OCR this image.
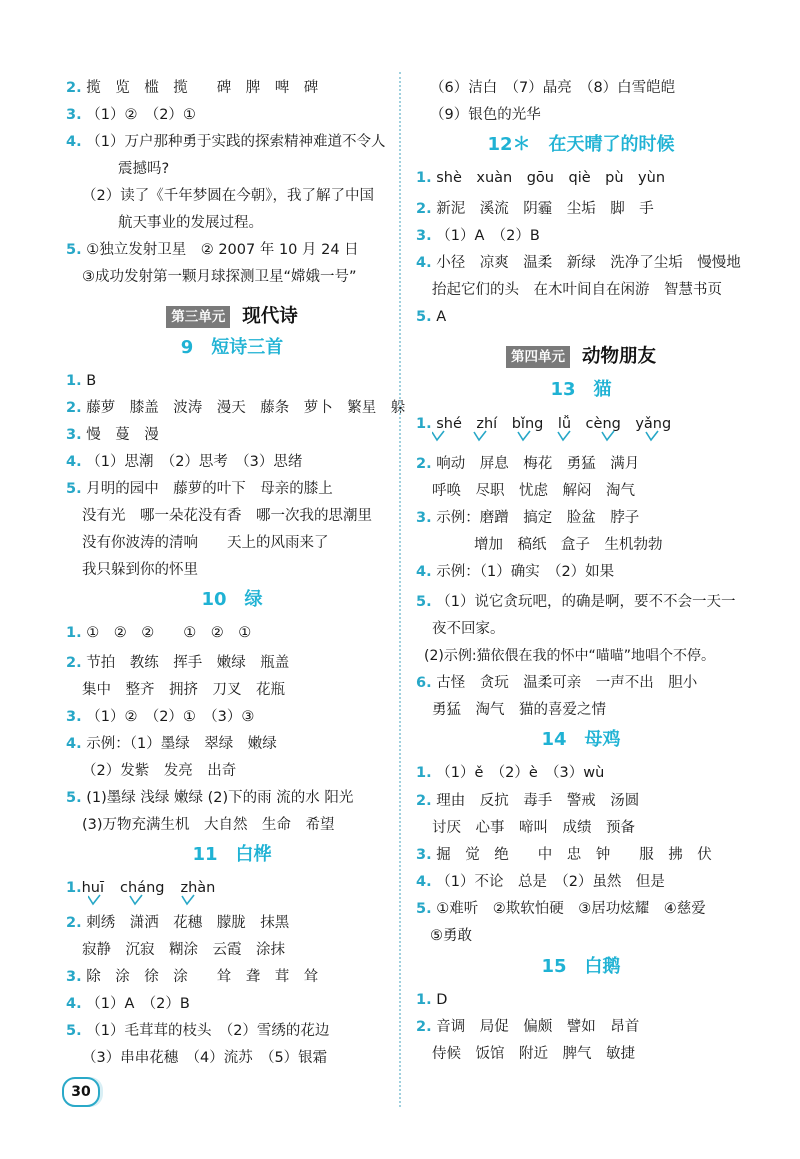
2. 揽　览　槛　揽　　碑　脾　啤　碑
3. （1）②　（2）①
4. （1）万户那种勇于实践的探索精神难道不令人
震撼吗?
（2）读了《千年梦圆在今朝》，我了解了中国
航天事业的发展过程。
5. ①独立发射卫星　② 2007 年 10 月 24 日
③成功发射第一颗月球探测卫星“嫦娥一号”
第三单元 现代诗
9　短诗三首
1. B
2. 藤萝　膝盖　波涛　漫天　藤条　萝卜　繁星　躲
3. 慢　蔓　漫
4. （1）思潮　（2）思考　（3）思绪
5. 月明的园中　藤萝的叶下　母亲的膝上
没有光　哪一朵花没有香　哪一次我的思潮里
没有你波涛的清响　　天上的风雨来了
我只躲到你的怀里
10　绿
1. ①　②　②　　①　②　①
2. 节拍　教练　挥手　嫩绿　瓶盖
集中　整齐　拥挤　刀叉　花瓶
3. （1）②　（2）①　（3）③
4. 示例：（1）墨绿　翠绿　嫩绿
（2）发紫　发亮　出奇
5. (1)墨绿 浅绿 嫩绿 (2)下的雨 流的水 阳光
(3)万物充满生机　大自然　生命　希望
11　白桦
1.huī cháng zhàn
2. 刺绣　潇洒　花穗　朦胧　抹黑
寂静　沉寂　糊涂　云霞　涂抹
3. 除　涂　徐　涂　　耸　聋　茸　耸
4. （1）A　（2）B
5. （1）毛茸茸的枝头　（2）雪绣的花边
（3）串串花穗　（4）流苏　（5）银霜
（6）洁白　（7）晶亮　（8）白雪皑皑
（9）银色的光华
12＊　在天晴了的时候
1. shè　xuàn　gōu　qiè　pù　yùn
2. 新泥　溪流　阴霾　尘垢　脚　手
3. （1）A　（2）B
4. 小径　凉爽　温柔　新绿　洗净了尘垢　慢慢地
抬起它们的头　在木叶间自在闲游　智慧书页
5. A
第四单元 动物朋友
13　猫
1. shé　zhí　bǐng　lǚ　cèng　yǎng
2. 响动　屏息　梅花　勇猛　满月
呼唤　尽职　忧虑　解闷　淘气
3. 示例：磨蹭　搞定　脸盆　脖子
增加　稿纸　盒子　生机勃勃
4. 示例：（1）确实　（2）如果
5. （1）说它贪玩吧，的确是啊，要不不会一天一
夜不回家。
(2)示例:猫依偎在我的怀中“喵喵”地唱个不停。
6. 古怪　贪玩　温柔可亲　一声不出　胆小
勇猛　淘气　猫的喜爱之情
14　母鸡
1. （1）ě　（2）è　（3）wù
2. 理由　反抗　毒手　警戒　汤圆
讨厌　心事　啼叫　成绩　预备
3. 掘　觉　绝　　中　忠　钟　　服　拂　伏
4. （1）不论　总是　（2）虽然　但是
5. ①难听　②欺软怕硬　③居功炫耀　④慈爱
⑤勇敢
15　白鹅
1. D
2. 音调　局促　偏颇　譬如　昂首
侍候　饭馆　附近　脾气　敏捷
30
